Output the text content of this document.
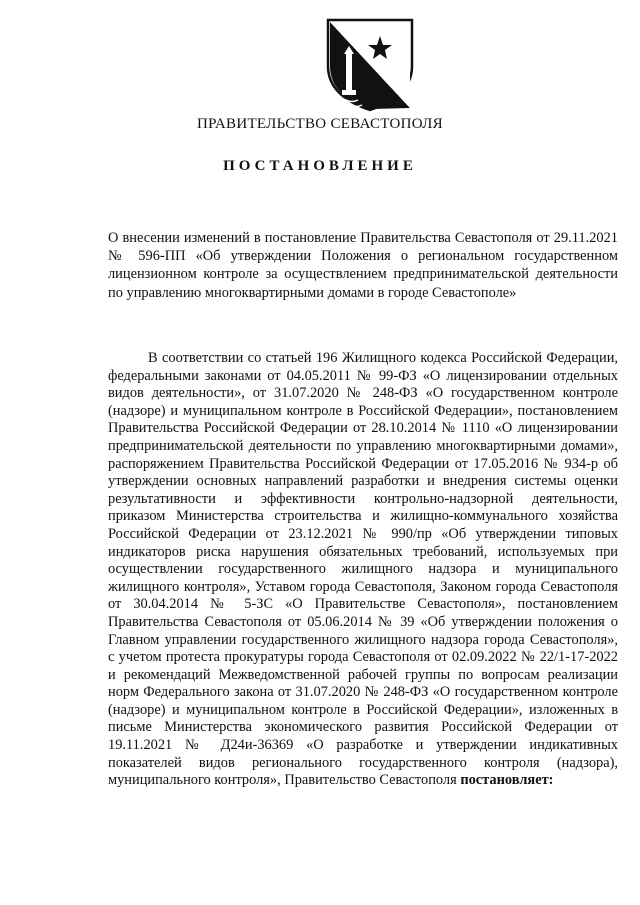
ПРАВИТЕЛЬСТВО СЕВАСТОПОЛЯ
ПОСТАНОВЛЕНИЕ
О внесении изменений в постановление Правительства Севастополя от 29.11.2021 № 596-ПП «Об утверждении Положения о региональном государственном лицензионном контроле за осуществлением предпринимательской деятельности по управлению многоквартирными домами в городе Севастополе»

В соответствии со статьей 196 Жилищного кодекса Российской Федерации, федеральными законами от 04.05.2011 № 99-ФЗ «О лицензировании отдельных видов деятельности», от 31.07.2020 № 248-ФЗ «О государственном контроле (надзоре) и муниципальном контроле в Российской Федерации», постановлением Правительства Российской Федерации от 28.10.2014 № 1110 «О лицензировании предпринимательской деятельности по управлению многоквартирными домами», распоряжением Правительства Российской Федерации от 17.05.2016 № 934-р об утверждении основных направлений разработки и внедрения системы оценки результативности и эффективности контрольно-надзорной деятельности, приказом Министерства строительства и жилищно-коммунального хозяйства Российской Федерации от 23.12.2021 № 990/пр «Об утверждении типовых индикаторов риска нарушения обязательных требований, используемых при осуществлении государственного жилищного надзора и муниципального жилищного контроля», Уставом города Севастополя, Законом города Севастополя от 30.04.2014 № 5-ЗС «О Правительстве Севастополя», постановлением Правительства Севастополя от 05.06.2014 № 39 «Об утверждении положения о Главном управлении государственного жилищного надзора города Севастополя», с учетом протеста прокуратуры города Севастополя от 02.09.2022 № 22/1-17-2022 и рекомендаций Межведомственной рабочей группы по вопросам реализации норм Федерального закона от 31.07.2020 № 248-ФЗ «О государственном контроле (надзоре) и муниципальном контроле в Российской Федерации», изложенных в письме Министерства экономического развития Российской Федерации от 19.11.2021 № Д24и-36369 «О разработке и утверждении индикативных показателей видов регионального государственного контроля (надзора), муниципального контроля», Правительство Севастополя постановляет:
